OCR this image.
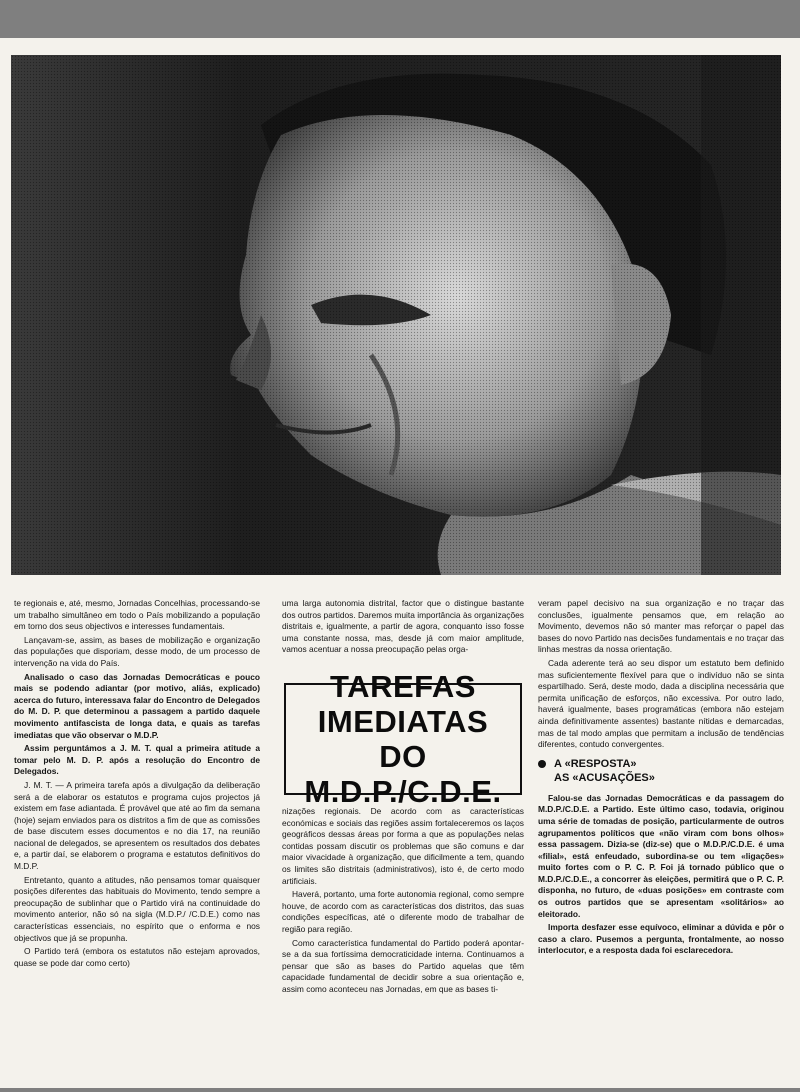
te regionais e, até, mesmo, Jornadas Concelhias, processando-se um trabalho simultâneo em todo o País mobilizando a população em torno dos seus objectivos e interesses fundamentais.

Lançavam-se, assim, as bases de mobilização e organização das populações que disporiam, desse modo, de um processo de intervenção na vida do País.

Analisado o caso das Jornadas Democráticas e pouco mais se podendo adiantar (por motivo, aliás, explicado) acerca do futuro, interessava falar do Encontro de Delegados do M. D. P. que determinou a passagem a partido daquele movimento antifascista de longa data, e quais as tarefas imediatas que vão observar o M.D.P.

Assim perguntámos a J. M. T. qual a primeira atitude a tomar pelo M. D. P. após a resolução do Encontro de Delegados.

J. M. T. — A primeira tarefa após a divulgação da deliberação será a de elaborar os estatutos e programa cujos projectos já existem em fase adiantada. É provável que até ao fim da semana (hoje) sejam enviados para os distritos a fim de que as comissões de base discutem esses documentos e no dia 17, na reunião nacional de delegados, se apresentem os resultados dos debates e, a partir daí, se elaborem o programa e estatutos definitivos do M.D.P.

Entretanto, quanto a atitudes, não pensamos tomar quaisquer posições diferentes das habituais do Movimento, tendo sempre a preocupação de sublinhar que o Partido virá na continuidade do movimento anterior, não só na sigla (M.D.P./ /C.D.E.) como nas características essenciais, no espírito que o enforma e nos objectivos que já se propunha.

O Partido terá (embora os estatutos não estejam aprovados, quase se pode dar como certo)

uma larga autonomia distrital, factor que o distingue bastante dos outros partidos. Daremos muita importância às organizações distritais e, igualmente, a partir de agora, conquanto isso fosse uma constante nossa, mas, desde já com maior amplitude, vamos acentuar a nossa preocupação pelas orga-

TAREFAS
IMEDIATAS
DO M.D.P./C.D.E.

nizações regionais. De acordo com as características económicas e sociais das regiões assim fortaleceremos os laços geográficos dessas áreas por forma a que as populações nelas contidas possam discutir os problemas que são comuns e dar maior vivacidade à organização, que dificilmente a tem, quando os limites são distritais (administrativos), isto é, de certo modo artificiais.

Haverá, portanto, uma forte autonomia regional, como sempre houve, de acordo com as características dos distritos, das suas condições específicas, até o diferente modo de trabalhar de região para região.

Como característica fundamental do Partido poderá apontar-se a da sua fortíssima democraticidade interna. Continuamos a pensar que são as bases do Partido aquelas que têm capacidade fundamental de decidir sobre a sua orientação e, assim como aconteceu nas Jornadas, em que as bases ti-

veram papel decisivo na sua organização e no traçar das conclusões, igualmente pensamos que, em relação ao Movimento, devemos não só manter mas reforçar o papel das bases do novo Partido nas decisões fundamentais e no traçar das linhas mestras da nossa orientação.

Cada aderente terá ao seu dispor um estatuto bem definido mas suficientemente flexível para que o indivíduo não se sinta espartilhado. Será, deste modo, dada a disciplina necessária que permita unificação de esforços, não excessiva. Por outro lado, haverá igualmente, bases programáticas (embora não estejam ainda definitivamente assentes) bastante nítidas e demarcadas, mas de tal modo amplas que permitam a inclusão de tendências diferentes, contudo convergentes.

A «RESPOSTA»
AS «ACUSAÇÕES»

Falou-se das Jornadas Democráticas e da passagem do M.D.P./C.D.E. a Partido. Este último caso, todavia, originou uma série de tomadas de posição, particularmente de outros agrupamentos políticos que «não viram com bons olhos» essa passagem. Dizia-se (diz-se) que o M.D.P./C.D.E. é uma «filial», está enfeudado, subordina-se ou tem «ligações» muito fortes com o P. C. P. Foi já tornado público que o M.D.P./C.D.E., a concorrer às eleições, permitirá que o P. C. P. disponha, no futuro, de «duas posições» em contraste com os outros partidos que se apresentam «solitários» ao eleitorado.

Importa desfazer esse equívoco, eliminar a dúvida e pôr o caso a claro. Pusemos a pergunta, frontalmente, ao nosso interlocutor, e a resposta dada foi esclarecedora.
